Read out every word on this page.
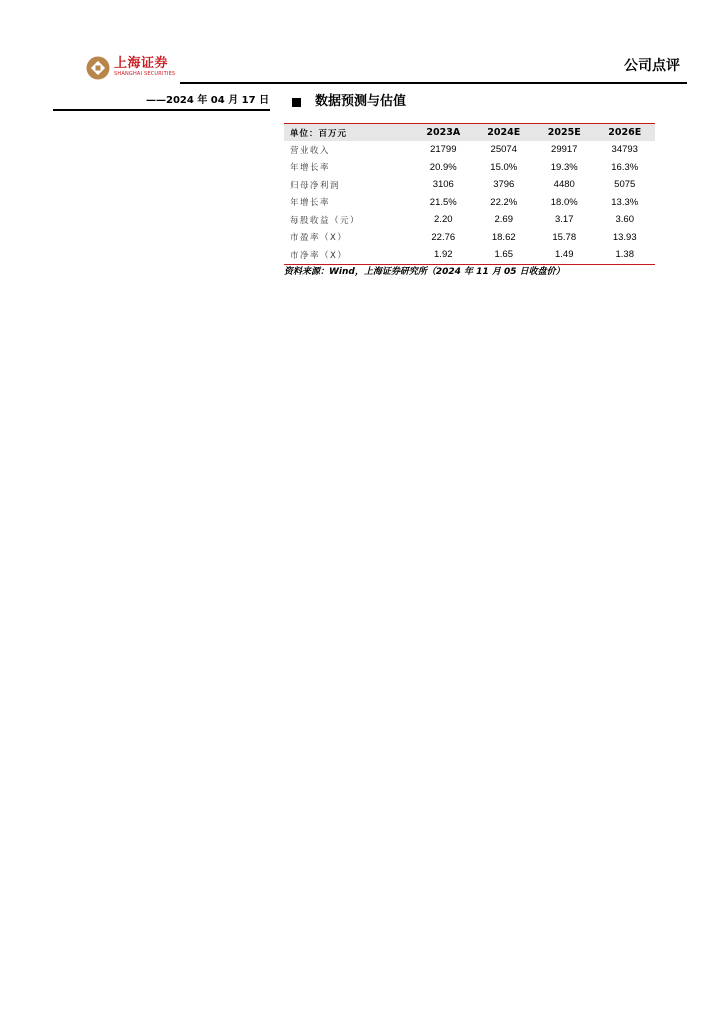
上海证券
SHANGHAI SECURITIES	公司点评
——2024 年 04 月 17 日	数据预测与估值
单位：百万元	2023A	2024E	2025E	2026E
营业收入	21799	25074	29917	34793
年增长率	20.9%	15.0%	19.3%	16.3%
归母净利润	3106	3796	4480	5075
年增长率	21.5%	22.2%	18.0%	13.3%
每股收益（元）	2.20	2.69	3.17	3.60
市盈率（X）	22.76	18.62	15.78	13.93
市净率（X）	1.92	1.65	1.49	1.38
资料来源：Wind，上海证券研究所（2024 年 11 月 05 日收盘价）
